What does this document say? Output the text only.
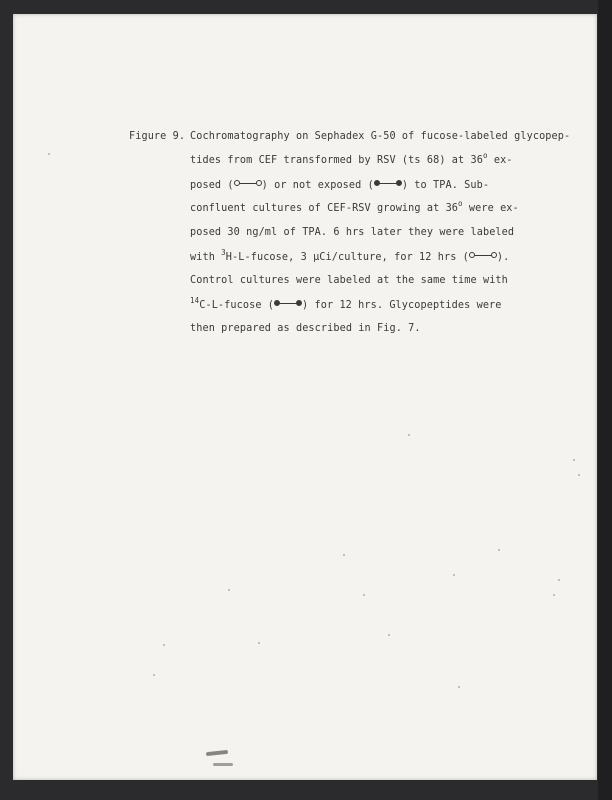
Figure 9. Cochromatography on Sephadex G-50 of fucose-labeled glycopep-
tides from CEF transformed by RSV (ts 68) at 36$^o$ ex-
posed (	) or not exposed (	) to TPA. Sub-
confluent cultures of CEF-RSV growing at 36$^o$ were ex-
posed 30 ng/ml of TPA. 6 hrs later they were labeled
with $^3$H-L-fucose, 3 μCi/culture, for 12 hrs (	).
Control cultures were labeled at the same time with
$^{14}$C-L-fucose (	) for 12 hrs. Glycopeptides were
then prepared as described in Fig. 7.
